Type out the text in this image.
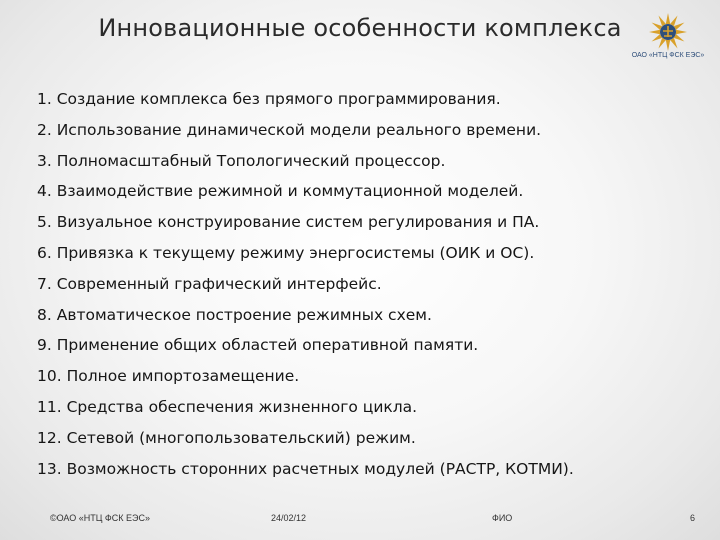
Инновационные особенности комплекса
ОАО «НТЦ ФСК ЕЭС»
1. Создание комплекса без прямого программирования.
2. Использование динамической модели реального времени.
3. Полномасштабный Топологический процессор.
4. Взаимодействие режимной и коммутационной моделей.
5. Визуальное конструирование систем регулирования и ПА.
6. Привязка к текущему режиму энергосистемы (ОИК и ОС).
7. Современный графический интерфейс.
8. Автоматическое построение режимных схем.
9. Применение общих областей оперативной памяти.
10. Полное импортозамещение.
11. Средства обеспечения жизненного цикла.
12. Сетевой (многопользовательский) режим.
13. Возможность сторонних расчетных модулей (РАСТР, КОТМИ).
©ОАО «НТЦ ФСК ЕЭС»	24/02/12	ФИО	6
